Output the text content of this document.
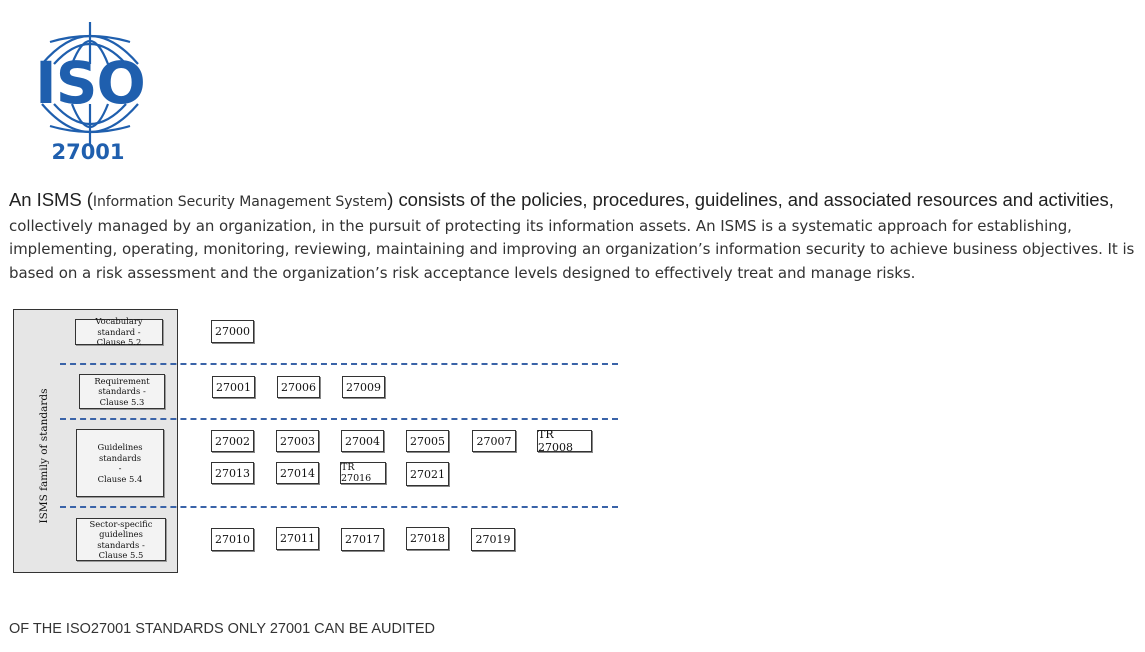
ISO
27001
An ISMS (Information Security Management System) consists of the policies, procedures, guidelines, and associated resources and activities,
collectively managed by an organization, in the pursuit of protecting its information assets. An ISMS is a systematic approach for establishing, implementing, operating, monitoring, reviewing, maintaining and improving an organization’s information security to achieve business objectives. It is based on a risk assessment and the organization’s risk acceptance levels designed to effectively treat and manage risks.
ISMS family of standards
Vocabulary standard -
Clause 5.2
Requirement
standards -
Clause 5.3
Guidelines standards
-
Clause 5.4
Sector-specific
guidelines standards -
Clause 5.5
27000
27001	27006	27009
27002	27003	27004	27005	27007	TR 27008
27013	27014	TR 27016	27021
27010	27011	27017	27018	27019
OF THE ISO27001 STANDARDS ONLY 27001 CAN BE AUDITED
